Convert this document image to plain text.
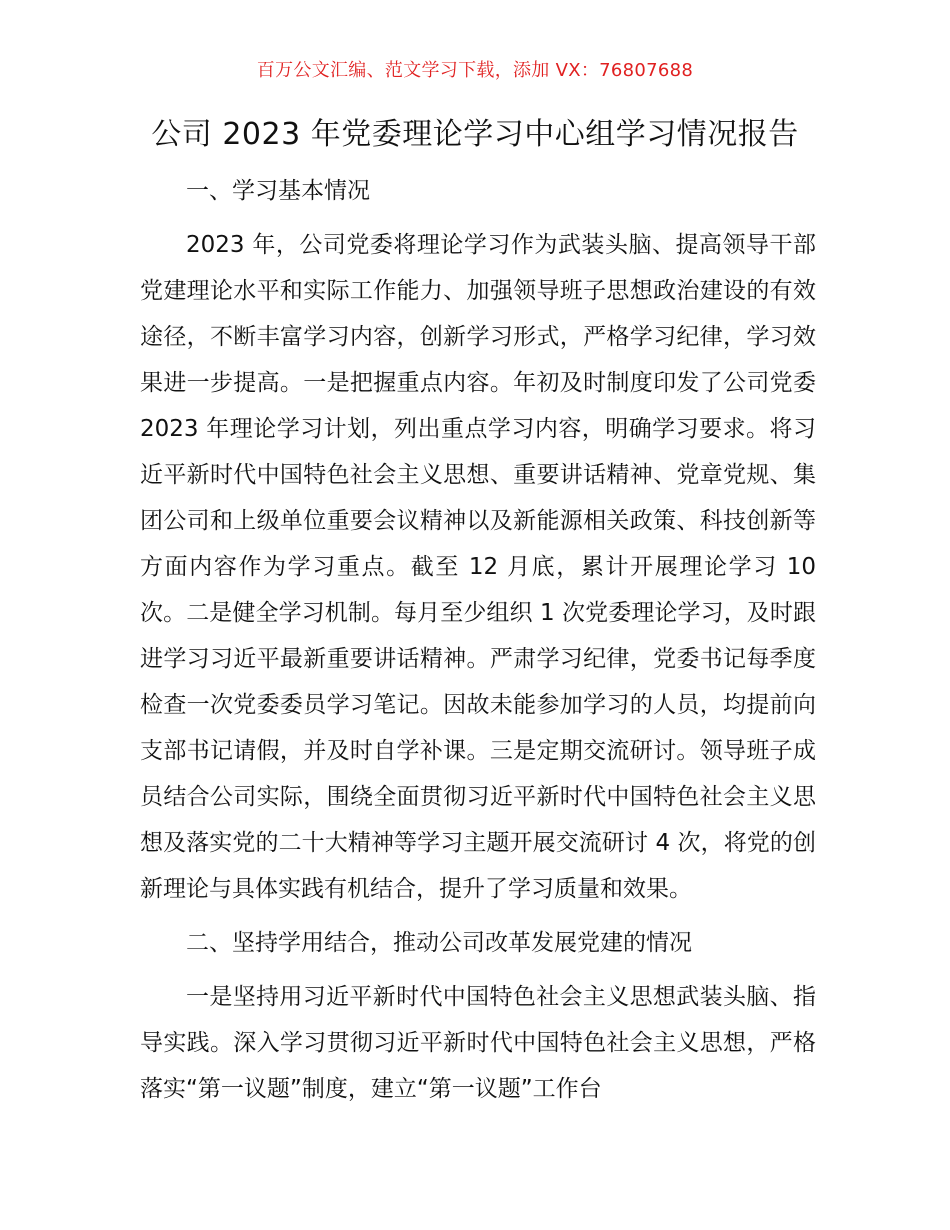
百万公文汇编、范文学习下载，添加 VX：76807688
公司 2023 年党委理论学习中心组学习情况报告

一、学习基本情况

2023 年，公司党委将理论学习作为武装头脑、提高领导干部党建理论水平和实际工作能力、加强领导班子思想政治建设的有效途径，不断丰富学习内容，创新学习形式，严格学习纪律，学习效果进一步提高。一是把握重点内容。年初及时制度印发了公司党委 2023 年理论学习计划，列出重点学习内容，明确学习要求。将习近平新时代中国特色社会主义思想、重要讲话精神、党章党规、集团公司和上级单位重要会议精神以及新能源相关政策、科技创新等方面内容作为学习重点。截至 12 月底，累计开展理论学习 10 次。二是健全学习机制。每月至少组织 1 次党委理论学习，及时跟进学习习近平最新重要讲话精神。严肃学习纪律，党委书记每季度检查一次党委委员学习笔记。因故未能参加学习的人员，均提前向支部书记请假，并及时自学补课。三是定期交流研讨。领导班子成员结合公司实际，围绕全面贯彻习近平新时代中国特色社会主义思想及落实党的二十大精神等学习主题开展交流研讨 4 次，将党的创新理论与具体实践有机结合，提升了学习质量和效果。

二、坚持学用结合，推动公司改革发展党建的情况

一是坚持用习近平新时代中国特色社会主义思想武装头脑、指导实践。深入学习贯彻习近平新时代中国特色社会主义思想，严格落实“第一议题”制度，建立“第一议题”工作台
